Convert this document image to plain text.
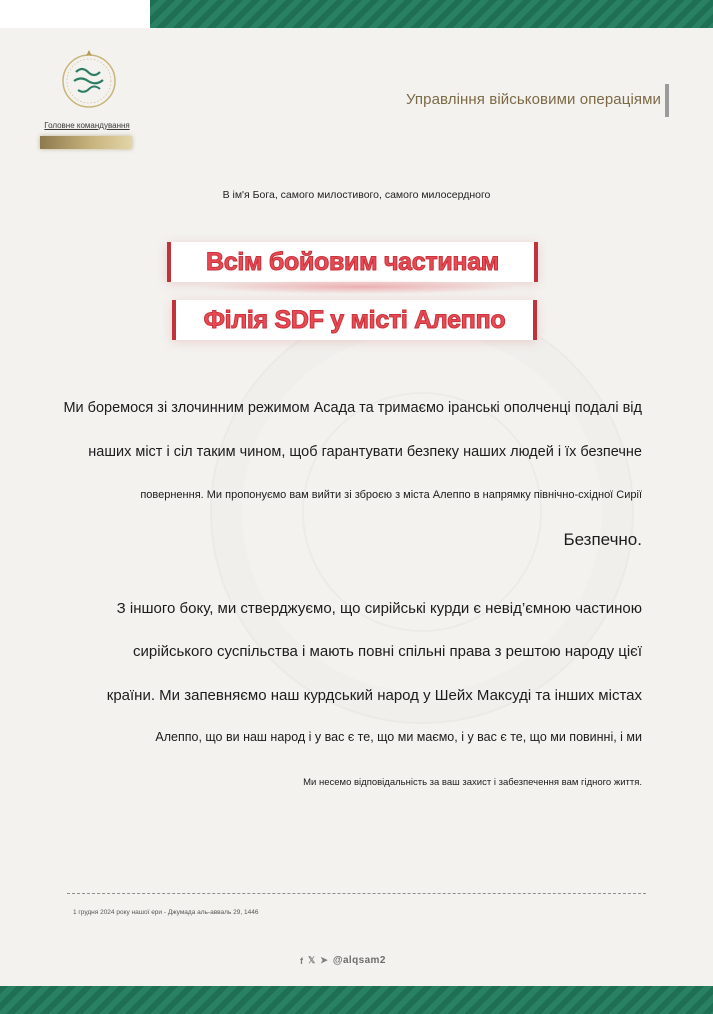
Головне командування
Управління військовими операціями
В ім'я Бога, самого милостивого, самого милосердного
Всім бойовим частинам
Філія SDF у місті Алеппо
Ми боремося зі злочинним режимом Асада та тримаємо іранські ополченці подалі від
наших міст і сіл таким чином, щоб гарантувати безпеку наших людей і їх безпечне
повернення. Ми пропонуємо вам вийти зі зброєю з міста Алеппо в напрямку північно-східної Сирії
Безпечно.
З іншого боку, ми стверджуємо, що сирійські курди є невід’ємною частиною
сирійського суспільства і мають повні спільні права з рештою народу цієї
країни. Ми запевняємо наш курдський народ у Шейх Максуді та інших містах
Алеппо, що ви наш народ і у вас є те, що ми маємо, і у вас є те, що ми повинні, і ми
Ми несемо відповідальність за ваш захист і забезпечення вам гідного життя.
1 грудня 2024 року нашої ери - Джумада аль-авваль 29, 1446
f 𝕏 ➤ @alqsam2
